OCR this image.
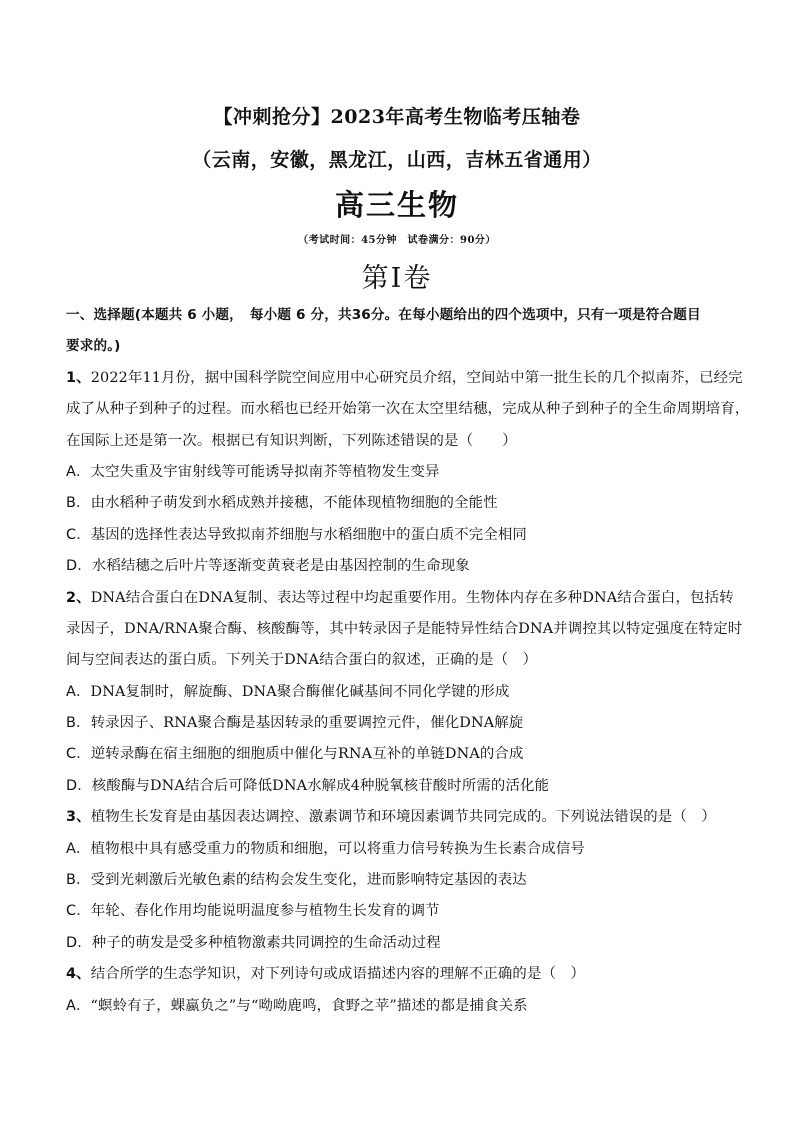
【冲刺抢分】2023年高考生物临考压轴卷
（云南，安徽，黑龙江，山西，吉林五省通用）
高三生物
（考试时间：45分钟　试卷满分：90分）
第Ⅰ卷
一、选择题(本题共 6 小题，　每小题 6 分，共36分。在每小题给出的四个选项中，只有一项是符合题目
要求的。)
1、2022年11月份，据中国科学院空间应用中心研究员介绍，空间站中第一批生长的几个拟南芥，已经完
成了从种子到种子的过程。而水稻也已经开始第一次在太空里结穗，完成从种子到种子的全生命周期培育，
在国际上还是第一次。根据已有知识判断，下列陈述错误的是（　　）
A．太空失重及宇宙射线等可能诱导拟南芥等植物发生变异
B．由水稻种子萌发到水稻成熟并接穗，不能体现植物细胞的全能性
C．基因的选择性表达导致拟南芥细胞与水稻细胞中的蛋白质不完全相同
D．水稻结穗之后叶片等逐渐变黄衰老是由基因控制的生命现象
2、DNA结合蛋白在DNA复制、表达等过程中均起重要作用。生物体内存在多种DNA结合蛋白，包括转
录因子，DNA/RNA聚合酶、核酸酶等，其中转录因子是能特异性结合DNA并调控其以特定强度在特定时
间与空间表达的蛋白质。下列关于DNA结合蛋白的叙述，正确的是（　）
A．DNA复制时，解旋酶、DNA聚合酶催化碱基间不同化学键的形成
B．转录因子、RNA聚合酶是基因转录的重要调控元件，催化DNA解旋
C．逆转录酶在宿主细胞的细胞质中催化与RNA互补的单链DNA的合成
D．核酸酶与DNA结合后可降低DNA水解成4种脱氧核苷酸时所需的活化能
3、植物生长发育是由基因表达调控、激素调节和环境因素调节共同完成的。下列说法错误的是（　）
A．植物根中具有感受重力的物质和细胞，可以将重力信号转换为生长素合成信号
B．受到光刺激后光敏色素的结构会发生变化，进而影响特定基因的表达
C．年轮、春化作用均能说明温度参与植物生长发育的调节
D．种子的萌发是受多种植物激素共同调控的生命活动过程
4、结合所学的生态学知识，对下列诗句或成语描述内容的理解不正确的是（　）
A．“螟蛉有子，蜾蠃负之”与“呦呦鹿鸣，食野之苹”描述的都是捕食关系
